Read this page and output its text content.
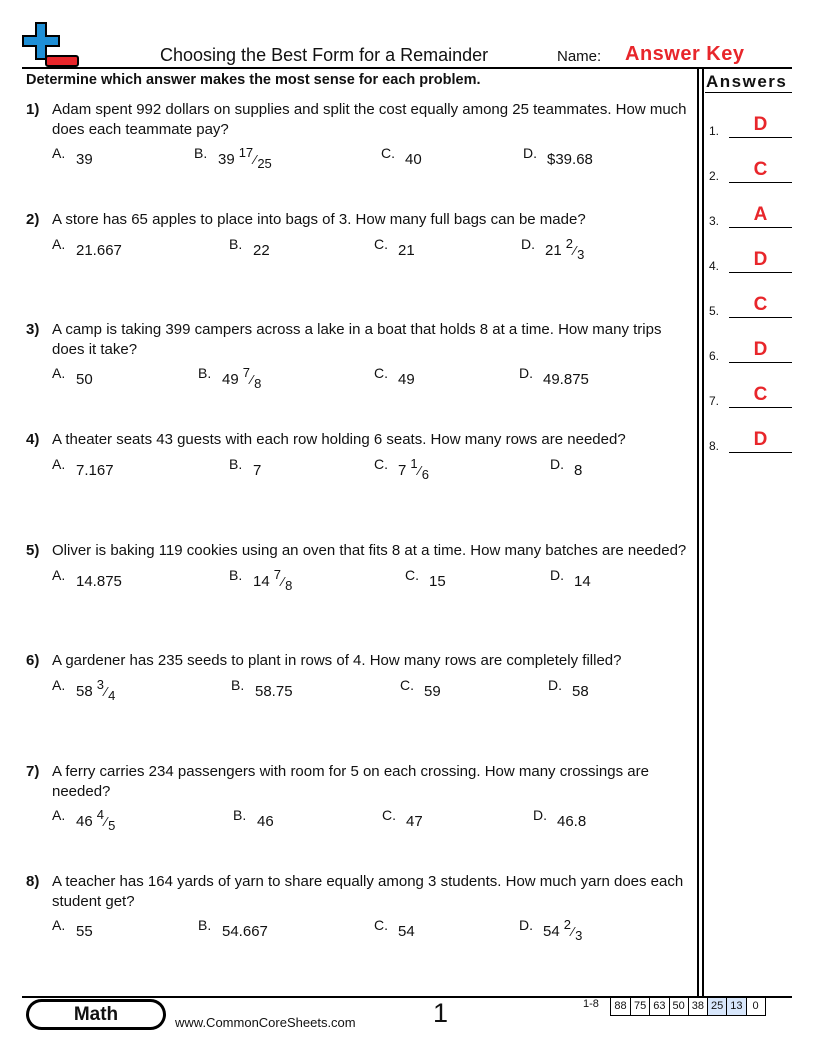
Choosing the Best Form for a Remainder	Name: Answer Key
Determine which answer makes the most sense for each problem.	Answers
1.	D
2.	C
3.	A
4.	D
5.	C
6.	D
7.	C
8.	D
1) Adam spent 992 dollars on supplies and split the cost equally among 25 teammates. How much does each teammate pay?
A. 39	B. 39 17⁄25
C. 40	D. $39.68
2) A store has 65 apples to place into bags of 3. How many full bags can be made?
A. 21.667	B. 22	C. 21	D. 21 2⁄3
3) A camp is taking 399 campers across a lake in a boat that holds 8 at a time. How many trips does it take?
A. 50	B. 49 7⁄8
C. 49	D. 49.875
4) A theater seats 43 guests with each row holding 6 seats. How many rows are needed?
A. 7.167	B. 7	C. 7 1⁄6
D. 8
5) Oliver is baking 119 cookies using an oven that fits 8 at a time. How many batches are needed?
A. 14.875	B. 14 7⁄8
C. 15	D. 14
6) A gardener has 235 seeds to plant in rows of 4. How many rows are completely filled?
A. 58 3⁄4
B. 58.75	C. 59	D. 58
7) A ferry carries 234 passengers with room for 5 on each crossing. How many crossings are needed?
A. 46 4⁄5
B. 46	C. 47	D. 46.8
8) A teacher has 164 yards of yarn to share equally among 3 students. How much yarn does each student get?
A. 55	B. 54.667	C. 54	D. 54 2⁄3
Math	www.CommonCoreSheets.com	1	1-8	88 75 63 50 38 25 13 0
